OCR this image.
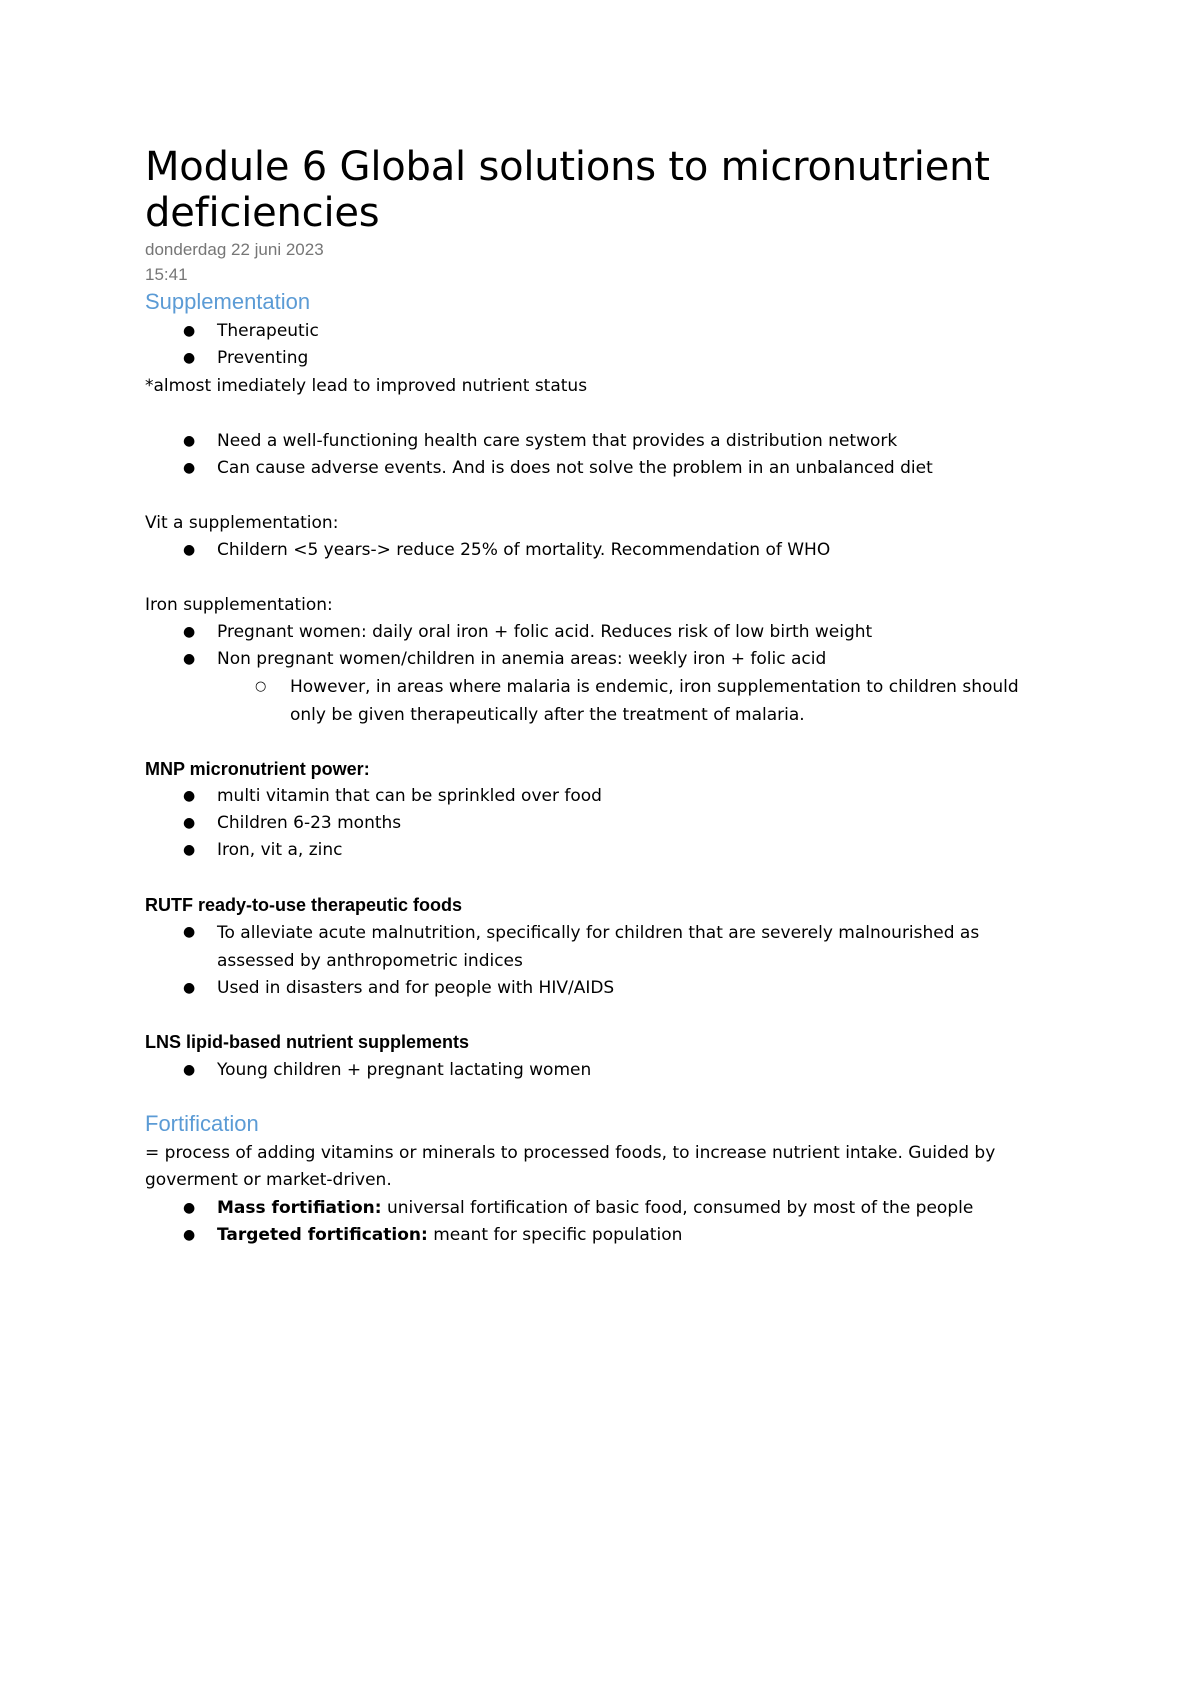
Module 6 Global solutions to micronutrient deficiencies
donderdag 22 juni 2023
15:41
Supplementation
● Therapeutic
● Preventing
*almost imediately lead to improved nutrient status
● Need a well-functioning health care system that provides a distribution network
● Can cause adverse events. And is does not solve the problem in an unbalanced diet
Vit a supplementation:
● Childern <5 years-> reduce 25% of mortality. Recommendation of WHO
Iron supplementation:
● Pregnant women: daily oral iron + folic acid. Reduces risk of low birth weight
● Non pregnant women/children in anemia areas: weekly iron + folic acid
○ However, in areas where malaria is endemic, iron supplementation to children should only be given therapeutically after the treatment of malaria.
MNP micronutrient power:
● multi vitamin that can be sprinkled over food
● Children 6-23 months
● Iron, vit a, zinc
RUTF ready-to-use therapeutic foods
● To alleviate acute malnutrition, specifically for children that are severely malnourished as assessed by anthropometric indices
● Used in disasters and for people with HIV/AIDS
LNS lipid-based nutrient supplements
● Young children + pregnant lactating women
Fortification
= process of adding vitamins or minerals to processed foods, to increase nutrient intake. Guided by goverment or market-driven.
● Mass fortifiation: universal fortification of basic food, consumed by most of the people
● Targeted fortification: meant for specific population
